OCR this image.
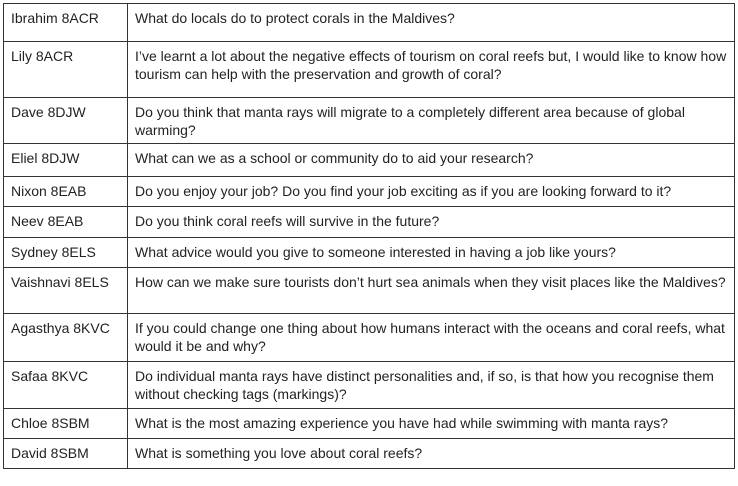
Ibrahim 8ACR	What do locals do to protect corals in the Maldives?
Lily 8ACR	I’ve learnt a lot about the negative effects of tourism on coral reefs but, I would like to know how tourism can help with the preservation and growth of coral?
Dave 8DJW	Do you think that manta rays will migrate to a completely different area because of global warming?
Eliel 8DJW	What can we as a school or community do to aid your research?
Nixon 8EAB	Do you enjoy your job? Do you find your job exciting as if you are looking forward to it?
Neev 8EAB	Do you think coral reefs will survive in the future?
Sydney 8ELS	What advice would you give to someone interested in having a job like yours?
Vaishnavi 8ELS	How can we make sure tourists don’t hurt sea animals when they visit places like the Maldives?
Agasthya 8KVC	If you could change one thing about how humans interact with the oceans and coral reefs, what would it be and why?
Safaa 8KVC	Do individual manta rays have distinct personalities and, if so, is that how you recognise them without checking tags (markings)?
Chloe 8SBM	What is the most amazing experience you have had while swimming with manta rays?
David 8SBM	What is something you love about coral reefs?
